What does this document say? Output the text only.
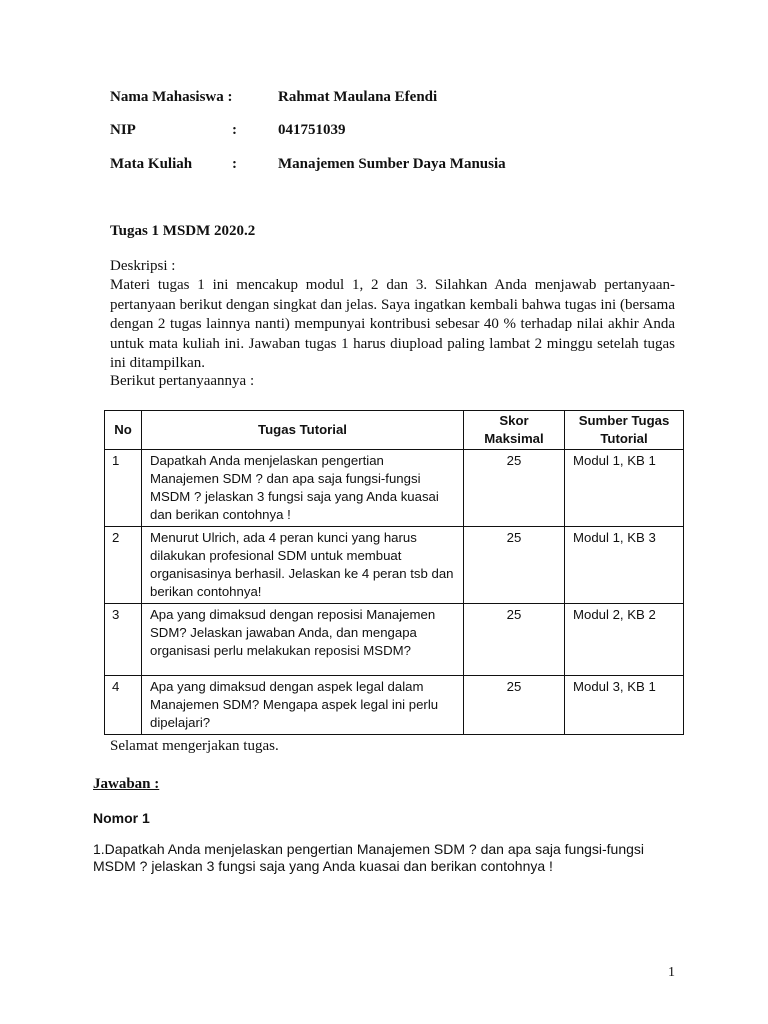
Nama Mahasiswa :	Rahmat Maulana Efendi
NIP	:	041751039
Mata Kuliah	:	Manajemen Sumber Daya Manusia
Tugas 1 MSDM 2020.2
Deskripsi :

Materi tugas 1 ini mencakup modul 1, 2 dan 3. Silahkan Anda menjawab pertanyaan-pertanyaan berikut dengan singkat dan jelas. Saya ingatkan kembali bahwa tugas ini (bersama dengan 2 tugas lainnya nanti) mempunyai kontribusi sebesar 40 % terhadap nilai akhir Anda untuk mata kuliah ini. Jawaban tugas 1 harus diupload paling lambat 2 minggu setelah tugas ini ditampilkan.

Berikut pertanyaannya :
No	Tugas Tutorial	Skor Maksimal	Sumber Tugas Tutorial
1	Dapatkah Anda menjelaskan pengertian Manajemen SDM ? dan apa saja fungsi-fungsi MSDM ? jelaskan 3 fungsi saja yang Anda kuasai dan berikan contohnya !	25	Modul 1, KB 1
2	Menurut Ulrich, ada 4 peran kunci yang harus dilakukan profesional SDM untuk membuat organisasinya berhasil. Jelaskan ke 4 peran tsb dan berikan contohnya!	25	Modul 1, KB 3
3	Apa yang dimaksud dengan reposisi Manajemen SDM? Jelaskan jawaban Anda, dan mengapa organisasi perlu melakukan reposisi MSDM?	25	Modul 2, KB 2
4	Apa yang dimaksud dengan aspek legal dalam Manajemen SDM? Mengapa aspek legal ini perlu dipelajari?	25	Modul 3, KB 1
Selamat mengerjakan tugas.
Jawaban :
Nomor 1

1.Dapatkah Anda menjelaskan pengertian Manajemen SDM ? dan apa saja fungsi-fungsi MSDM ? jelaskan 3 fungsi saja yang Anda kuasai dan berikan contohnya !

1
